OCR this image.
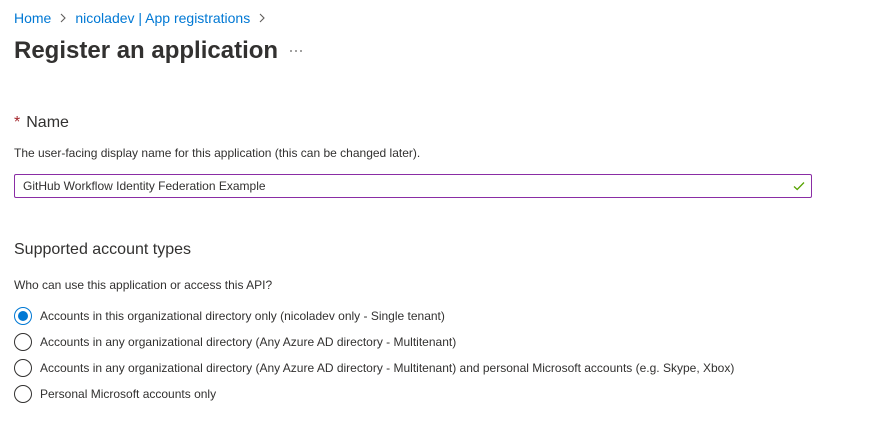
Home nicoladev | App registrations
Register an application
* Name
The user-facing display name for this application (this can be changed later).
GitHub Workflow Identity Federation Example
Supported account types
Who can use this application or access this API?
Accounts in this organizational directory only (nicoladev only - Single tenant)
Accounts in any organizational directory (Any Azure AD directory - Multitenant)
Accounts in any organizational directory (Any Azure AD directory - Multitenant) and personal Microsoft accounts (e.g. Skype, Xbox)
Personal Microsoft accounts only
